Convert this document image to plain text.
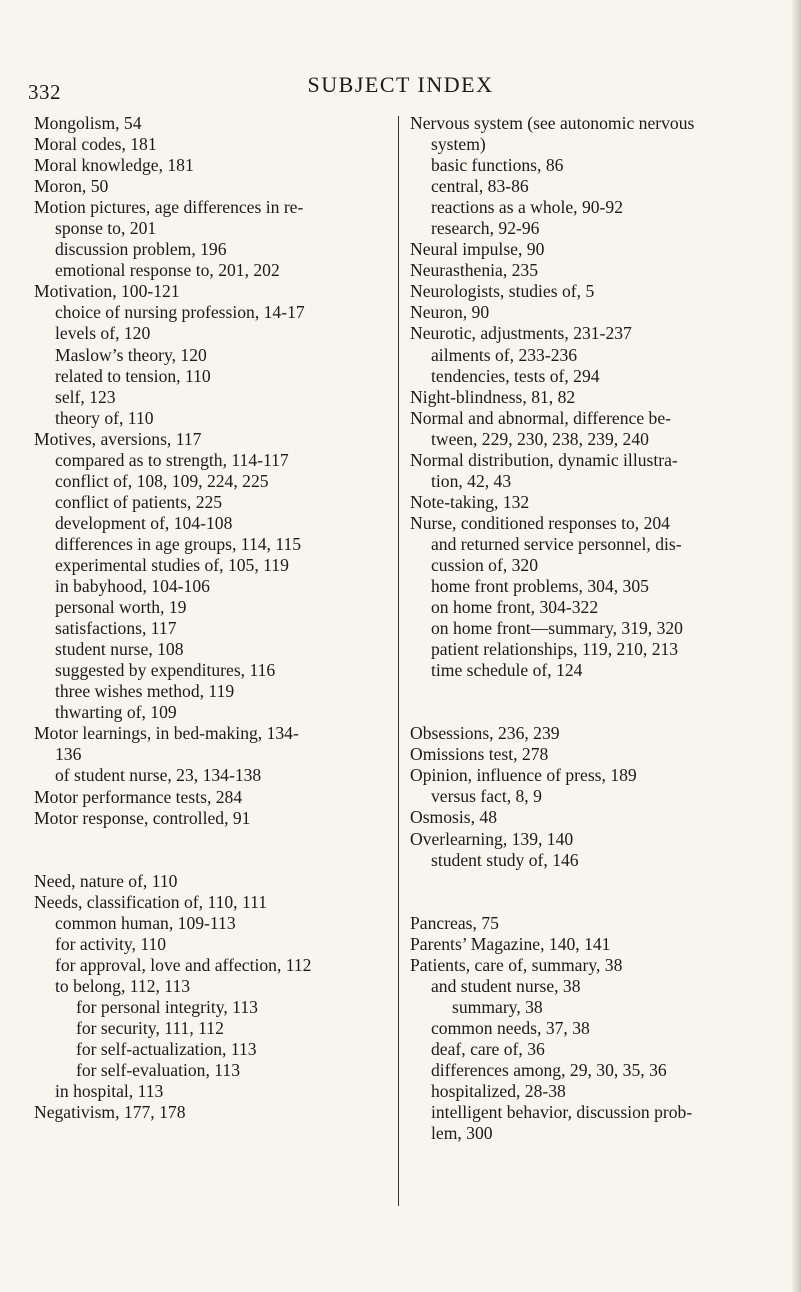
332	SUBJECT INDEX
Mongolism, 54
Moral codes, 181
Moral knowledge, 181
Moron, 50
Motion pictures, age differences in re-
sponse to, 201
discussion problem, 196
emotional response to, 201, 202
Motivation, 100-121
choice of nursing profession, 14-17
levels of, 120
Maslow’s theory, 120
related to tension, 110
self, 123
theory of, 110
Motives, aversions, 117
compared as to strength, 114-117
conflict of, 108, 109, 224, 225
conflict of patients, 225
development of, 104-108
differences in age groups, 114, 115
experimental studies of, 105, 119
in babyhood, 104-106
personal worth, 19
satisfactions, 117
student nurse, 108
suggested by expenditures, 116
three wishes method, 119
thwarting of, 109
Motor learnings, in bed-making, 134-
136
of student nurse, 23, 134-138
Motor performance tests, 284
Motor response, controlled, 91
Need, nature of, 110
Needs, classification of, 110, 111
common human, 109-113
for activity, 110
for approval, love and affection, 112
to belong, 112, 113
for personal integrity, 113
for security, 111, 112
for self-actualization, 113
for self-evaluation, 113
in hospital, 113
Negativism, 177, 178
Nervous system (see autonomic nervous
system)
basic functions, 86
central, 83-86
reactions as a whole, 90-92
research, 92-96
Neural impulse, 90
Neurasthenia, 235
Neurologists, studies of, 5
Neuron, 90
Neurotic, adjustments, 231-237
ailments of, 233-236
tendencies, tests of, 294
Night-blindness, 81, 82
Normal and abnormal, difference be-
tween, 229, 230, 238, 239, 240
Normal distribution, dynamic illustra-
tion, 42, 43
Note-taking, 132
Nurse, conditioned responses to, 204
and returned service personnel, dis-
cussion of, 320
home front problems, 304, 305
on home front, 304-322
on home front—summary, 319, 320
patient relationships, 119, 210, 213
time schedule of, 124
Obsessions, 236, 239
Omissions test, 278
Opinion, influence of press, 189
versus fact, 8, 9
Osmosis, 48
Overlearning, 139, 140
student study of, 146
Pancreas, 75
Parents’ Magazine, 140, 141
Patients, care of, summary, 38
and student nurse, 38
summary, 38
common needs, 37, 38
deaf, care of, 36
differences among, 29, 30, 35, 36
hospitalized, 28-38
intelligent behavior, discussion prob-
lem, 300
